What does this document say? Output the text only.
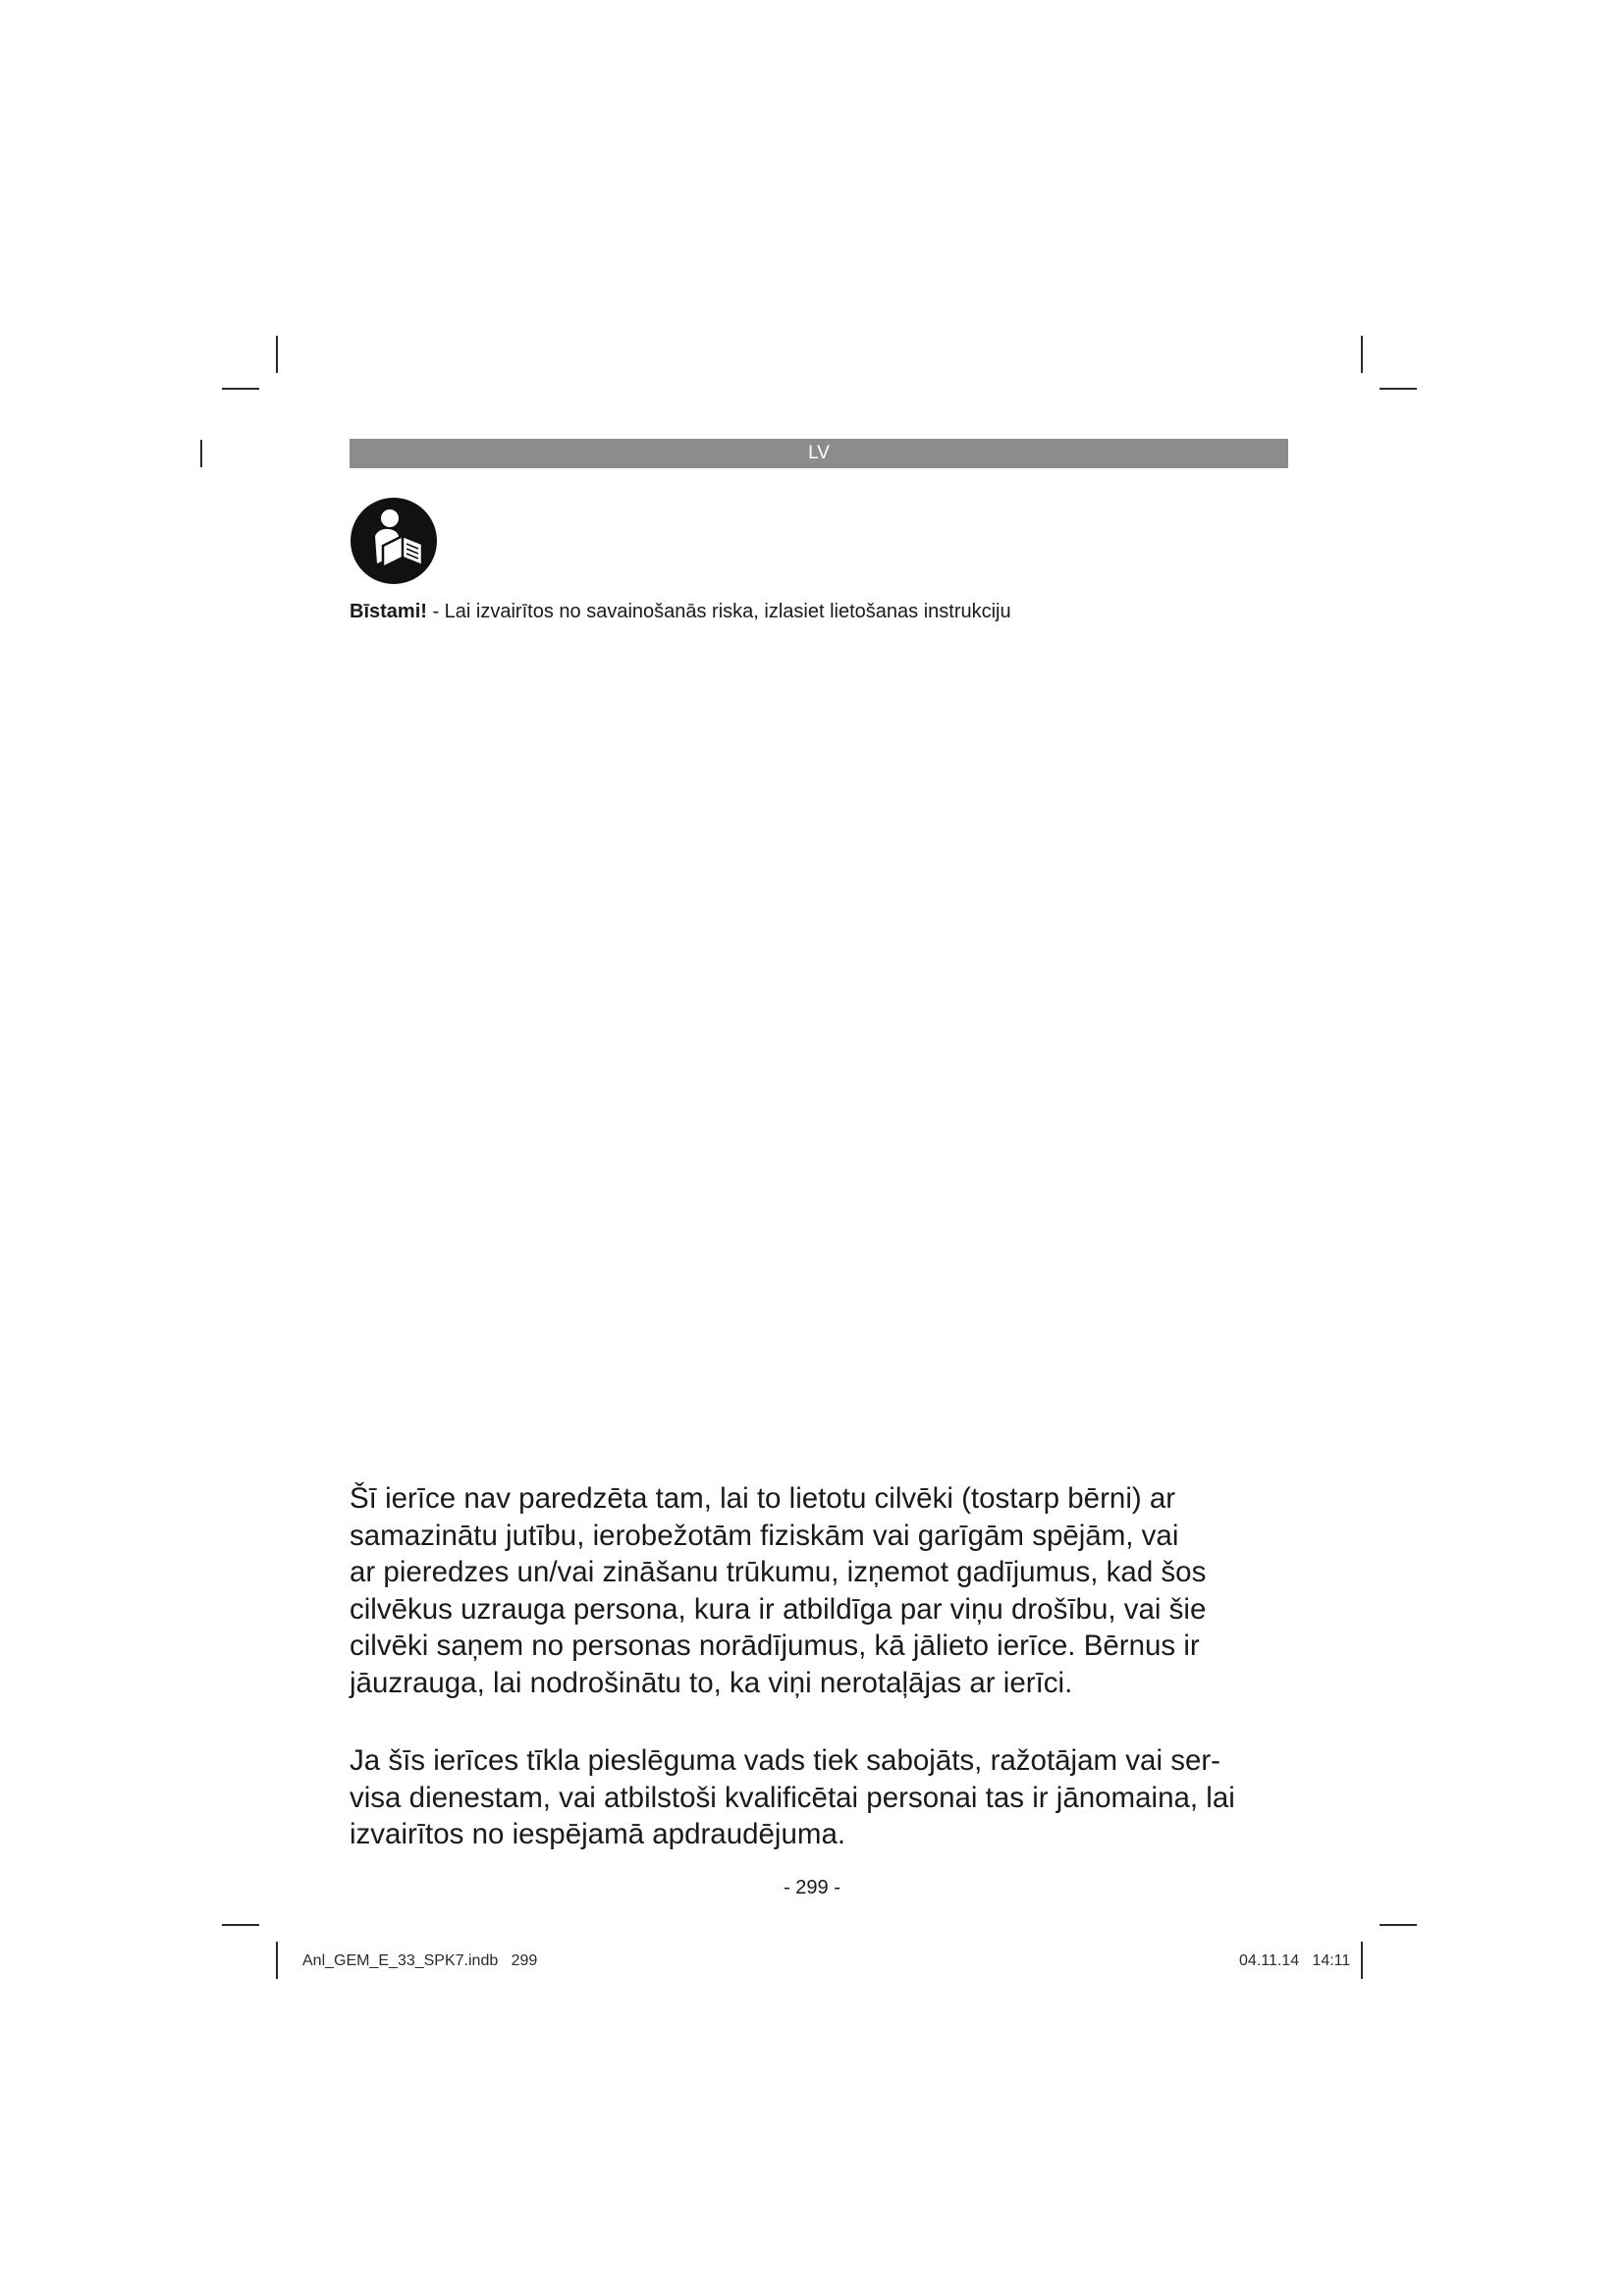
LV
Bīstami! - Lai izvairītos no savainošanās riska, izlasiet lietošanas instrukciju
Šī ierīce nav paredzēta tam, lai to lietotu cilvēki (tostarp bērni) ar
samazinātu jutību, ierobežotām fiziskām vai garīgām spējām, vai
ar pieredzes un/vai zināšanu trūkumu, izņemot gadījumus, kad šos
cilvēkus uzrauga persona, kura ir atbildīga par viņu drošību, vai šie
cilvēki saņem no personas norādījumus, kā jālieto ierīce. Bērnus ir
jāuzrauga, lai nodrošinātu to, ka viņi nerotaļājas ar ierīci.
Ja šīs ierīces tīkla pieslēguma vads tiek sabojāts, ražotājam vai ser-
visa dienestam, vai atbilstoši kvalificētai personai tas ir jānomaina, lai
izvairītos no iespējamā apdraudējuma.
- 299 -
Anl_GEM_E_33_SPK7.indb   299	04.11.14   14:11
